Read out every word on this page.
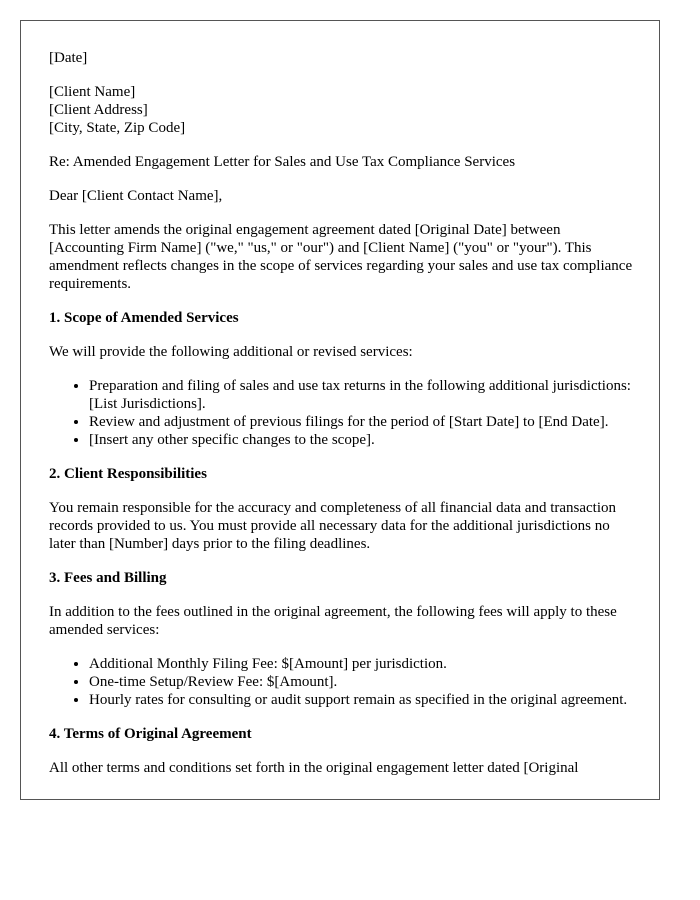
[Date]

[Client Name]
[Client Address]
[City, State, Zip Code]

Re: Amended Engagement Letter for Sales and Use Tax Compliance Services

Dear [Client Contact Name],

This letter amends the original engagement agreement dated [Original Date] between [Accounting Firm Name] ("we," "us," or "our") and [Client Name] ("you" or "your"). This amendment reflects changes in the scope of services regarding your sales and use tax compliance requirements.

1. Scope of Amended Services

We will provide the following additional or revised services:

• Preparation and filing of sales and use tax returns in the following additional jurisdictions: [List Jurisdictions].
• Review and adjustment of previous filings for the period of [Start Date] to [End Date].
• [Insert any other specific changes to the scope].
2. Client Responsibilities

You remain responsible for the accuracy and completeness of all financial data and transaction records provided to us. You must provide all necessary data for the additional jurisdictions no later than [Number] days prior to the filing deadlines.

3. Fees and Billing

In addition to the fees outlined in the original agreement, the following fees will apply to these amended services:

• Additional Monthly Filing Fee: $[Amount] per jurisdiction.
• One-time Setup/Review Fee: $[Amount].
• Hourly rates for consulting or audit support remain as specified in the original agreement.
4. Terms of Original Agreement

All other terms and conditions set forth in the original engagement letter dated [Original
